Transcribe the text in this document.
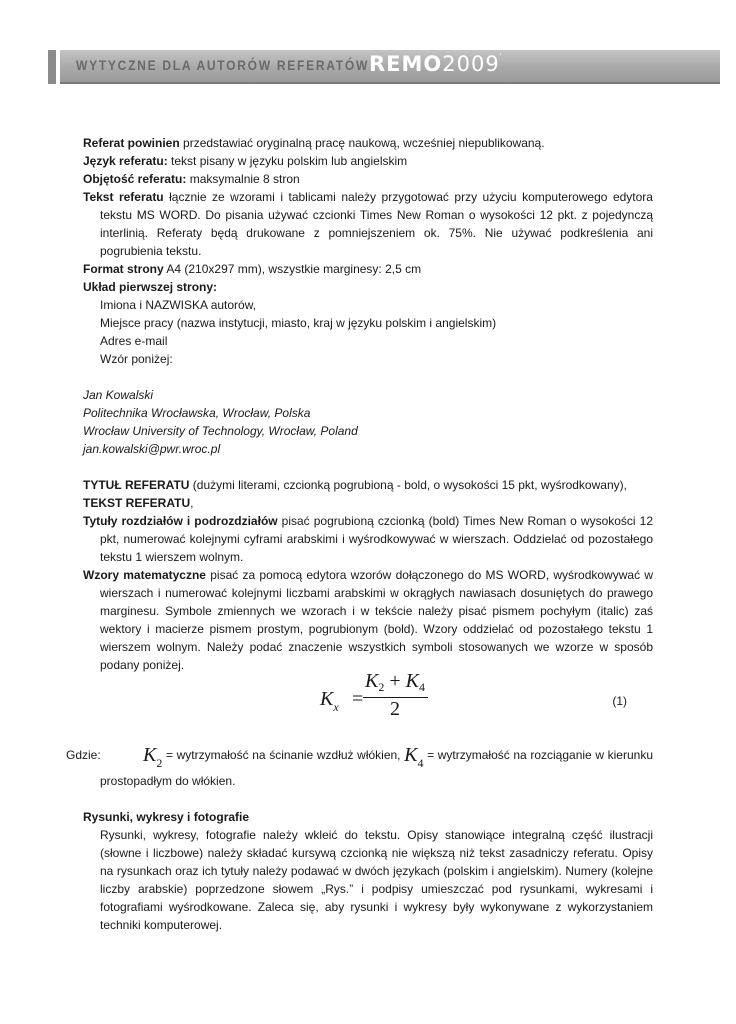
WYTYCZNE DLA AUTORÓW REFERATÓW REMO2009'

Referat powinien przedstawiać oryginalną pracę naukową, wcześniej niepublikowaną.

Język referatu: tekst pisany w języku polskim lub angielskim

Objętość referatu: maksymalnie 8 stron

Tekst referatu łącznie ze wzorami i tablicami należy przygotować przy użyciu komputerowego edytora tekstu MS WORD. Do pisania używać czcionki Times New Roman o wysokości 12 pkt. z pojedynczą interlinią. Referaty będą drukowane z pomniejszeniem ok. 75%. Nie używać podkreślenia ani pogrubienia tekstu.

Format strony A4 (210x297 mm), wszystkie marginesy: 2,5 cm

Układ pierwszej strony:

Imiona i NAZWISKA autorów,

Miejsce pracy (nazwa instytucji, miasto, kraj w języku polskim i angielskim)

Adres e-mail

Wzór poniżej:

Jan Kowalski

Politechnika Wrocławska, Wrocław, Polska

Wrocław University of Technology, Wrocław, Poland

jan.kowalski@pwr.wroc.pl

TYTUŁ REFERATU (dużymi literami, czcionką pogrubioną - bold, o wysokości 15 pkt, wyśrodkowany),

TEKST REFERATU,

Tytuły rozdziałów i podrozdziałów pisać pogrubioną czcionką (bold) Times New Roman o wysokości 12 pkt, numerować kolejnymi cyframi arabskimi i wyśrodkowywać w wierszach. Oddzielać od pozostałego tekstu 1 wierszem wolnym.

Wzory matematyczne pisać za pomocą edytora wzorów dołączonego do MS WORD, wyśrodkowywać w wierszach i numerować kolejnymi liczbami arabskimi w okrągłych nawiasach dosuniętych do prawego marginesu. Symbole zmiennych we wzorach i w tekście należy pisać pismem pochyłym (italic) zaś wektory i macierze pismem prostym, pogrubionym (bold). Wzory oddzielać od pozostałego tekstu 1 wierszem wolnym. Należy podać znaczenie wszystkich symboli stosowanych we wzorze w sposób podany poniżej.

$K_x$ =
$K_2 + K_4$
2	(1)

Gdzie: K2 = wytrzymałość na ścinanie wzdłuż włókien, K4 = wytrzymałość na rozciąganie w kierunku prostopadłym do włókien.

Rysunki, wykresy i fotografie

Rysunki, wykresy, fotografie należy wkleić do tekstu. Opisy stanowiące integralną część ilustracji (słowne i liczbowe) należy składać kursywą czcionką nie większą niż tekst zasadniczy referatu. Opisy na rysunkach oraz ich tytuły należy podawać w dwóch językach (polskim i angielskim). Numery (kolejne liczby arabskie) poprzedzone słowem „Rys.” i podpisy umieszczać pod rysunkami, wykresami i fotografiami wyśrodkowane. Zaleca się, aby rysunki i wykresy były wykonywane z wykorzystaniem techniki komputerowej.
